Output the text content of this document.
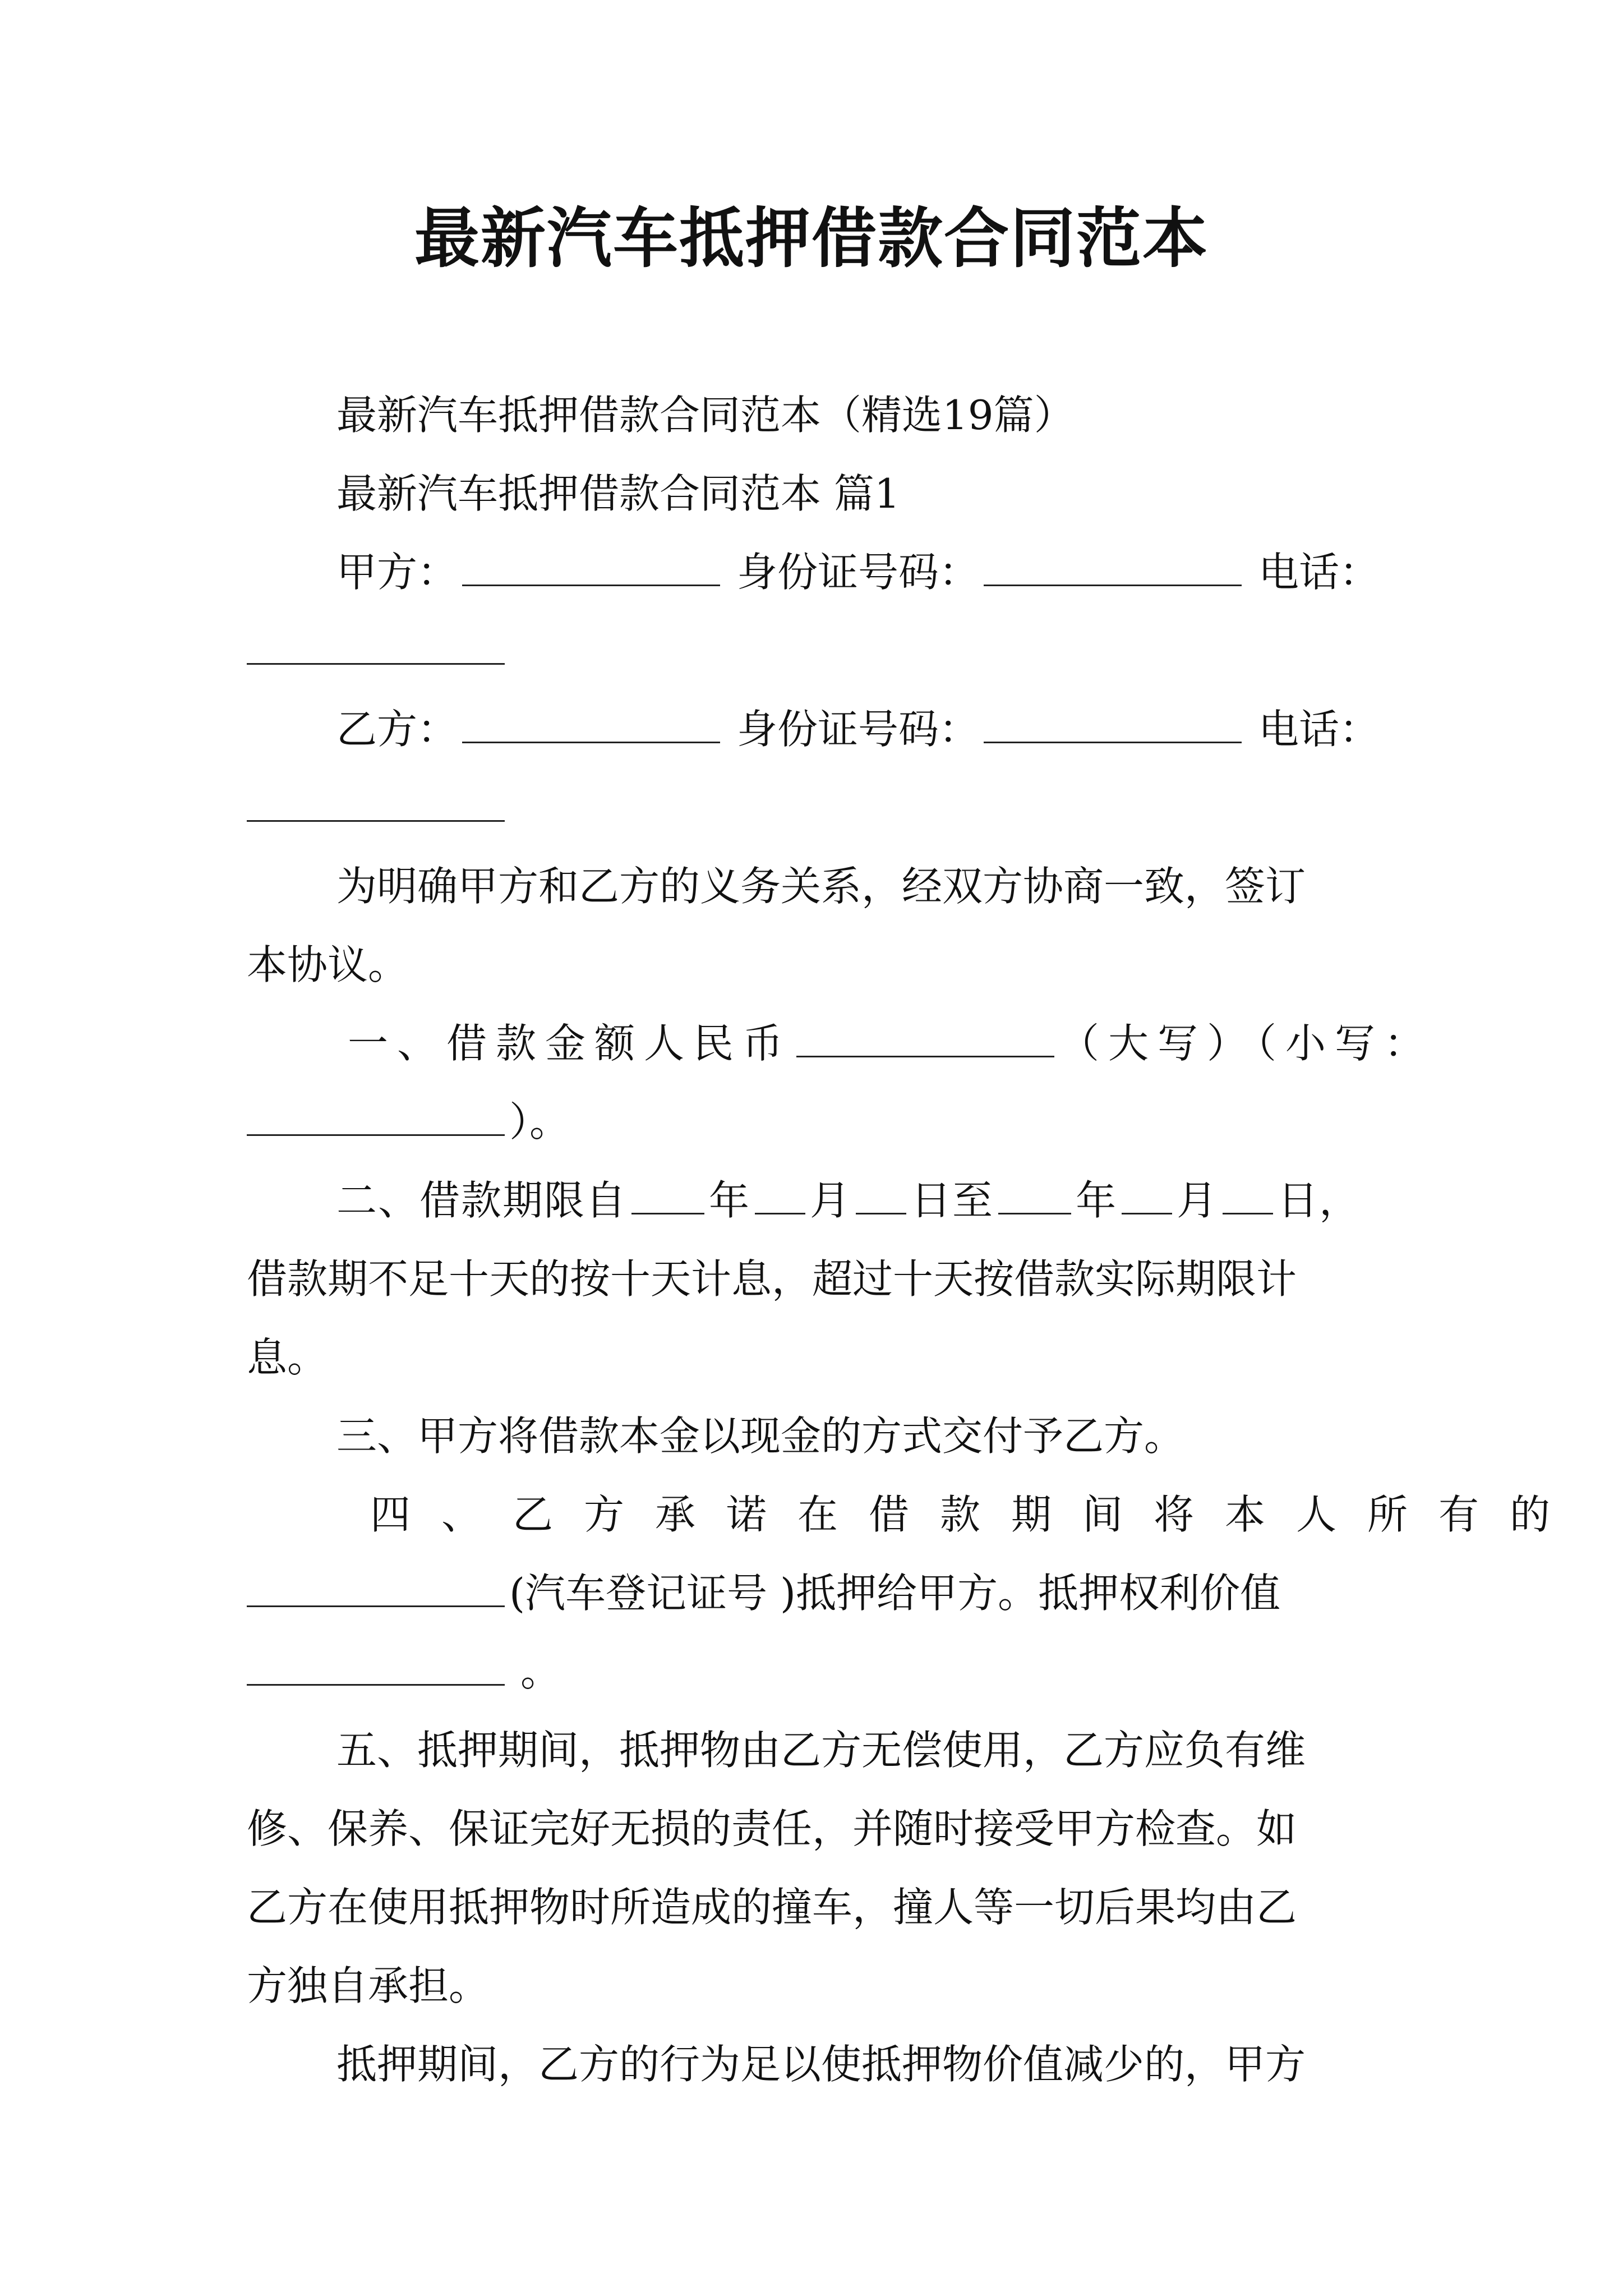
最新汽车抵押借款合同范本

最新汽车抵押借款合同范本（精选19篇）

最新汽车抵押借款合同范本 篇1

甲方：	身份证号码：	电话：
乙方：	身份证号码：	电话：

为明确甲方和乙方的义务关系，经双方协商一致，签订

本协议。

一、借款金额人民币	（大写）（小写：
）。
二、借款期限自 年 月 日至 年 月 日，

借款期不足十天的按十天计息，超过十天按借款实际期限计

息。

三、甲方将借款本金以现金的方式交付予乙方。

四、乙方承诺在借款期间将本人所有的

(汽车登记证号 )抵押给甲方。抵押权利价值
。

五、抵押期间，抵押物由乙方无偿使用，乙方应负有维

修、保养、保证完好无损的责任，并随时接受甲方检查。如

乙方在使用抵押物时所造成的撞车，撞人等一切后果均由乙

方独自承担。

抵押期间，乙方的行为足以使抵押物价值减少的，甲方
